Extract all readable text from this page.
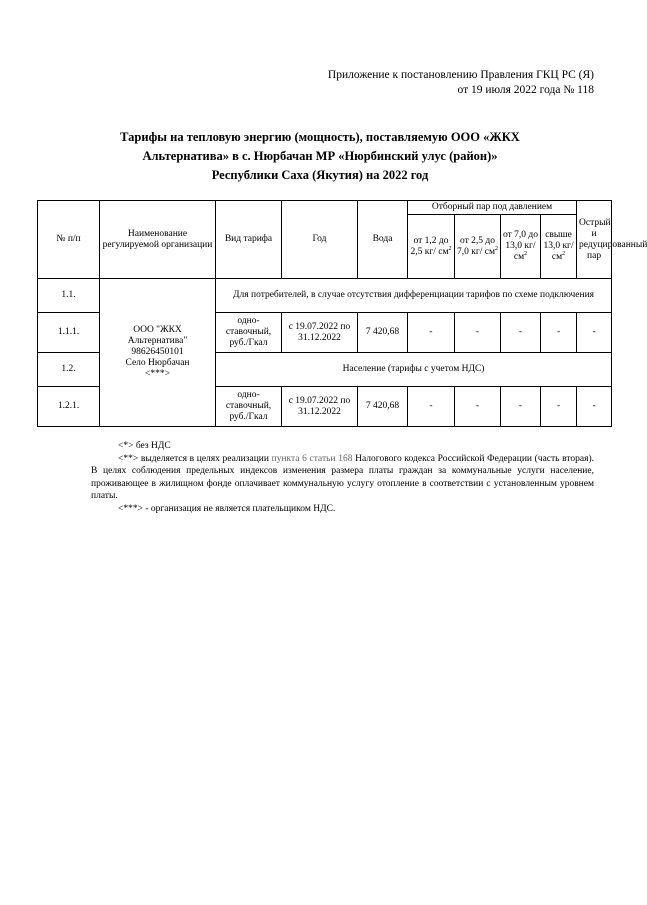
Приложение к постановлению Правления ГКЦ РС (Я)
от 19 июля 2022 года № 118
Тарифы на тепловую энергию (мощность), поставляемую ООО «ЖКХ
Альтернатива» в с. Нюрбачан МР «Нюрбинский улус (район)»
Республики Саха (Якутия) на 2022 год
№ п/п	Наименование регулируемой организации	Вид тарифа	Год	Вода	Отборный пар под давлением				Острый и редуцированный пар
					от 1,2 до 2,5 кг/ $см^2$	от 2,5 до 7,0 кг/ $см^2$	от 7,0 до 13,0 кг/ $см^2$	свыше 13,0 кг/ $см^2$
1.1.	ООО "ЖКХ
Альтернатива"
98626450101
Село Нюрбачан
<***>	Для потребителей, в случае отсутствия дифференциации тарифов по схеме подключения							
1.1.1.		одно-ставочный, руб./Гкал	с 19.07.2022 по 31.12.2022	7 420,68	-	-	-	-	-
1.2.		Население (тарифы с учетом НДС)							
1.2.1.		одно-ставочный, руб./Гкал	с 19.07.2022 по 31.12.2022	7 420,68	-	-	-	-	-

<*> без НДС

<**> выделяется в целях реализации пункта 6 статьи 168 Налогового кодекса Российской Федерации (часть вторая). В целях соблюдения предельных индексов изменения размера платы граждан за коммунальные услуги население, проживающее в жилищном фонде оплачивает коммунальную услугу отопление в соответствии с установленным уровнем платы.

<***> - организация не является плательщиком НДС.
